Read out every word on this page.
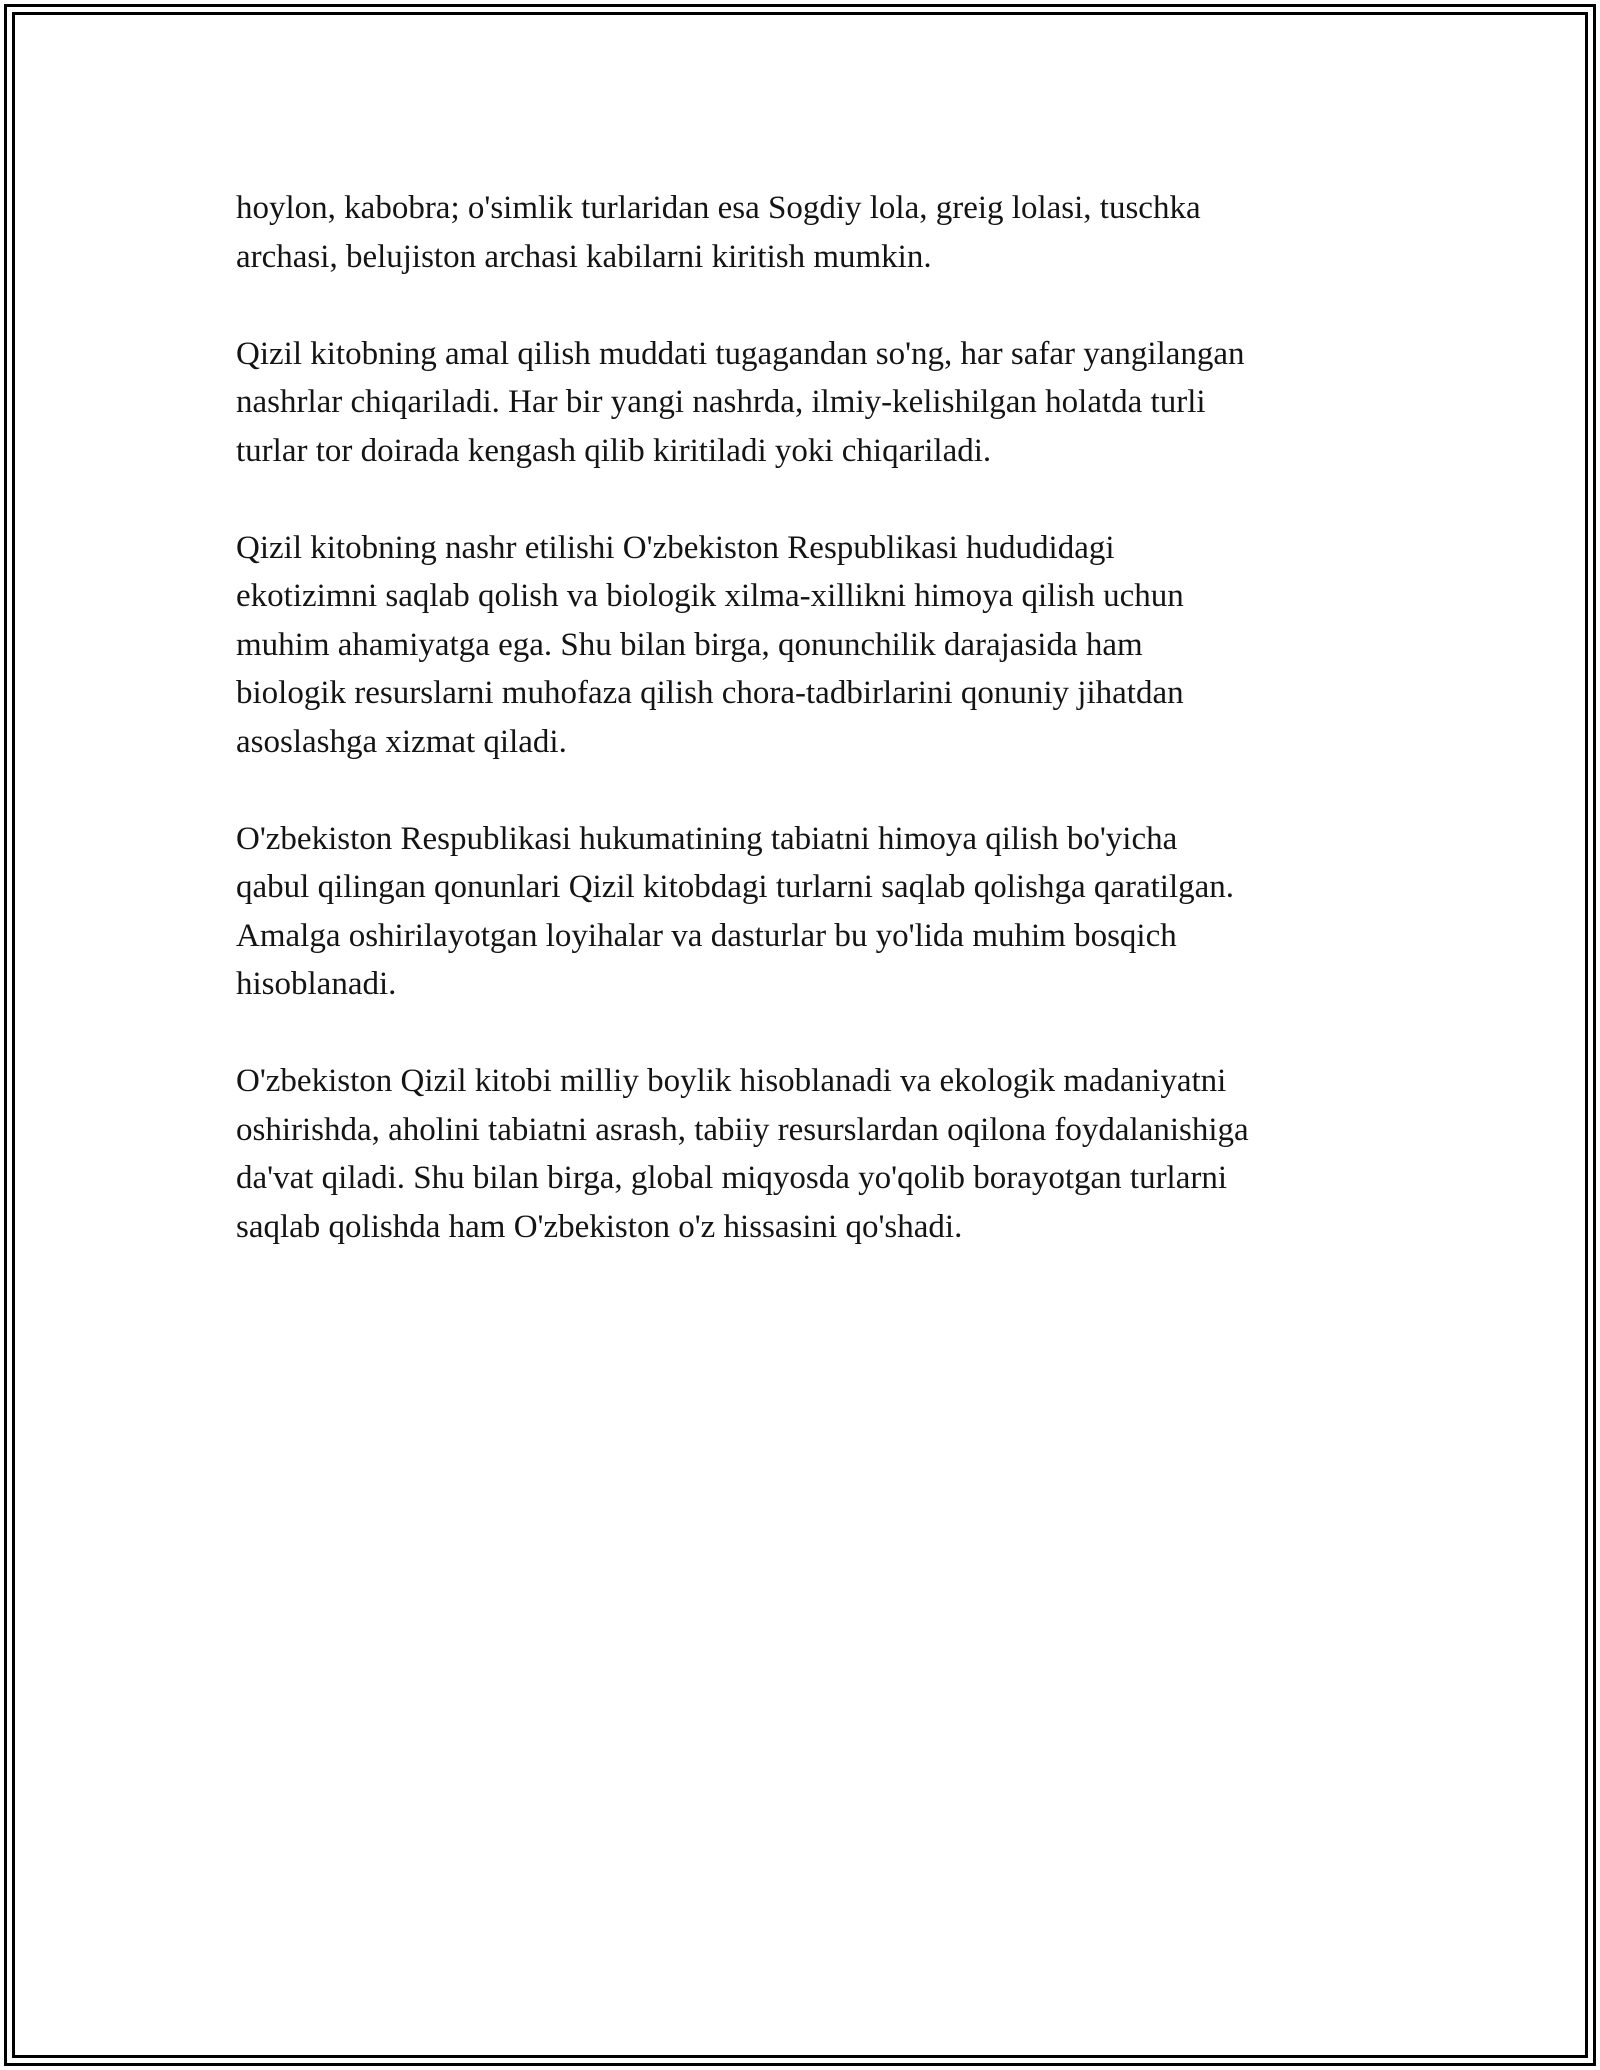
hoylon, kabobra; o'simlik turlaridan esa Sogdiy lola, greig lolasi, tuschka
archasi, belujiston archasi kabilarni kiritish mumkin.

Qizil kitobning amal qilish muddati tugagandan so'ng, har safar yangilangan
nashrlar chiqariladi. Har bir yangi nashrda, ilmiy-kelishilgan holatda turli
turlar tor doirada kengash qilib kiritiladi yoki chiqariladi.

Qizil kitobning nashr etilishi O'zbekiston Respublikasi hududidagi
ekotizimni saqlab qolish va biologik xilma-xillikni himoya qilish uchun
muhim ahamiyatga ega. Shu bilan birga, qonunchilik darajasida ham
biologik resurslarni muhofaza qilish chora-tadbirlarini qonuniy jihatdan
asoslashga xizmat qiladi.

O'zbekiston Respublikasi hukumatining tabiatni himoya qilish bo'yicha
qabul qilingan qonunlari Qizil kitobdagi turlarni saqlab qolishga qaratilgan.
Amalga oshirilayotgan loyihalar va dasturlar bu yo'lida muhim bosqich
hisoblanadi.

O'zbekiston Qizil kitobi milliy boylik hisoblanadi va ekologik madaniyatni
oshirishda, aholini tabiatni asrash, tabiiy resurslardan oqilona foydalanishiga
da'vat qiladi. Shu bilan birga, global miqyosda yo'qolib borayotgan turlarni
saqlab qolishda ham O'zbekiston o'z hissasini qo'shadi.
